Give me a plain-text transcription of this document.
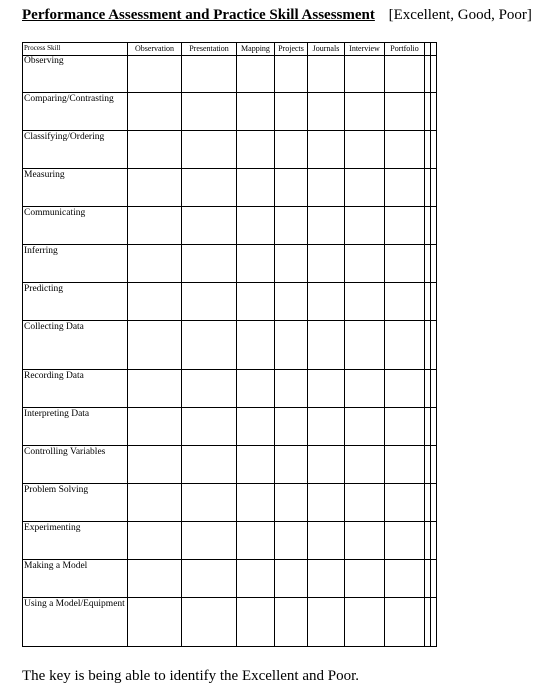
Performance Assessment and Practice Skill Assessment [Excellent, Good, Poor]
Process Skill	Observation	Presentation	Mapping	Projects	Journals	Interview	Portfolio		
Observing									
Comparing/Contrasting									
Classifying/Ordering									
Measuring									
Communicating									
Inferring									
Predicting									
Collecting Data									
Recording Data									
Interpreting Data									
Controlling Variables									
Problem Solving									
Experimenting									
Making a Model									
Using a Model/Equipment									
The key is being able to identify the Excellent and Poor.
